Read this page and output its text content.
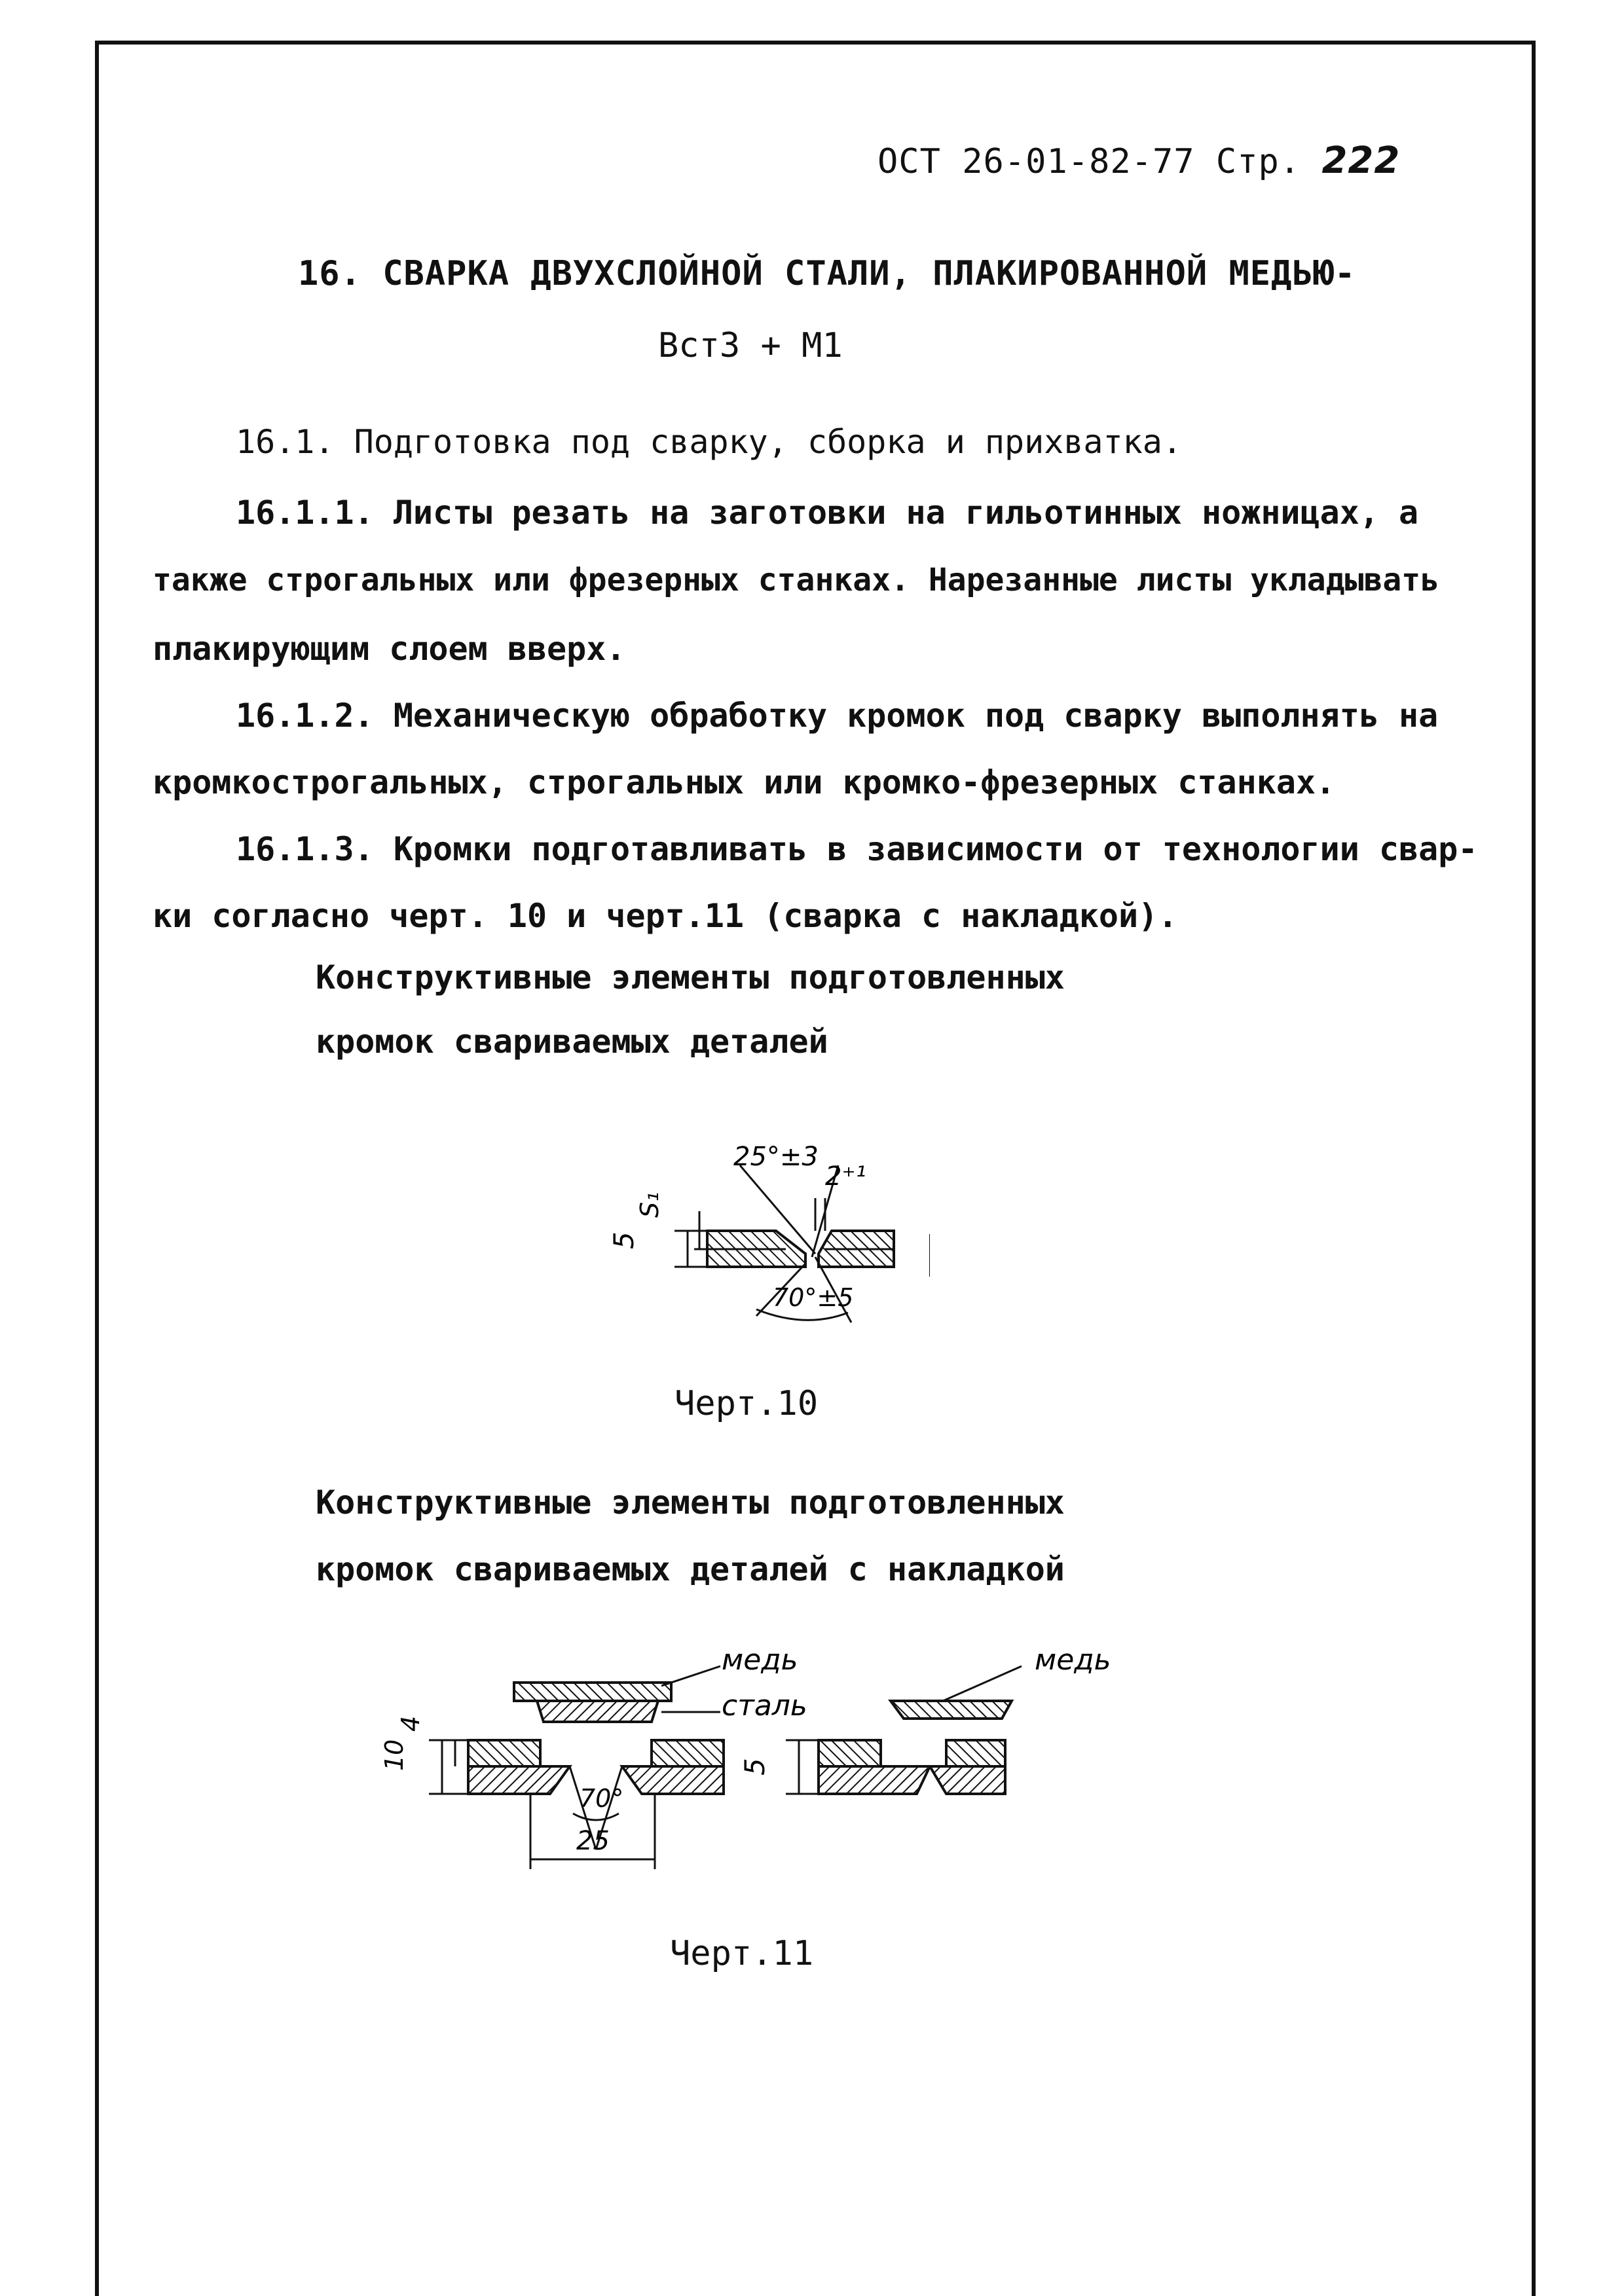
ОСТ 26-01-82-77 Стр. 222
16. СВАРКА ДВУХСЛОЙНОЙ СТАЛИ, ПЛАКИРОВАННОЙ МЕДЬЮ-
Вст3 + М1
16.1. Подготовка под сварку, сборка и прихватка.
16.1.1. Листы резать на заготовки на гильотинных ножницах, а
также строгальных или фрезерных станках. Нарезанные листы укладывать
плакирующим слоем вверх.
16.1.2. Механическую обработку кромок под сварку выполнять на
кромкострогальных, строгальных или кромко-фрезерных станках.
16.1.3. Кромки подготавливать в зависимости от технологии свар-
ки согласно черт. 10 и черт.11 (сварка с накладкой).
Конструктивные элементы подготовленных
кромок свариваемых деталей
5
S₁
25°±3
2⁺¹
70°±5
Черт.10
Конструктивные элементы подготовленных
кромок свариваемых деталей с накладкой
медь
сталь
медь
10
4
70°
25
5
Черт.11
